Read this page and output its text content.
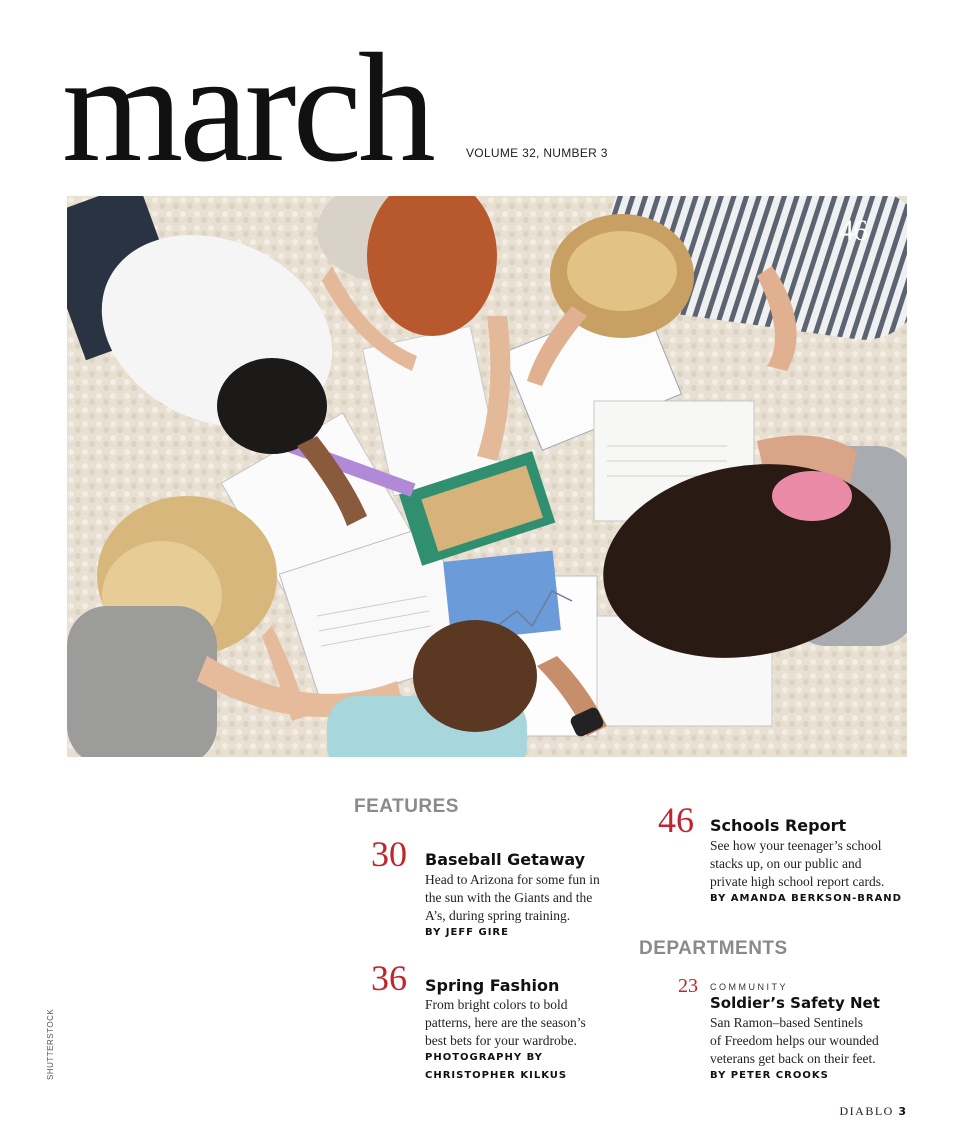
march	VOLUME 32, NUMBER 3
46
FEATURES
30 Baseball Getaway
Head to Arizona for some fun in
the sun with the Giants and the
A’s, during spring training.
BY JEFF GIRE
36 Spring Fashion
From bright colors to bold
patterns, here are the season’s
best bets for your wardrobe.
PHOTOGRAPHY BY
CHRISTOPHER KILKUS
46 Schools Report
See how your teenager’s school
stacks up, on our public and
private high school report cards.
BY AMANDA BERKSON-BRAND
DEPARTMENTS
23 COMMUNITY
Soldier’s Safety Net
San Ramon–based Sentinels
of Freedom helps our wounded
veterans get back on their feet.
BY PETER CROOKS
SHUTTERSTOCK
DIABLO 3
